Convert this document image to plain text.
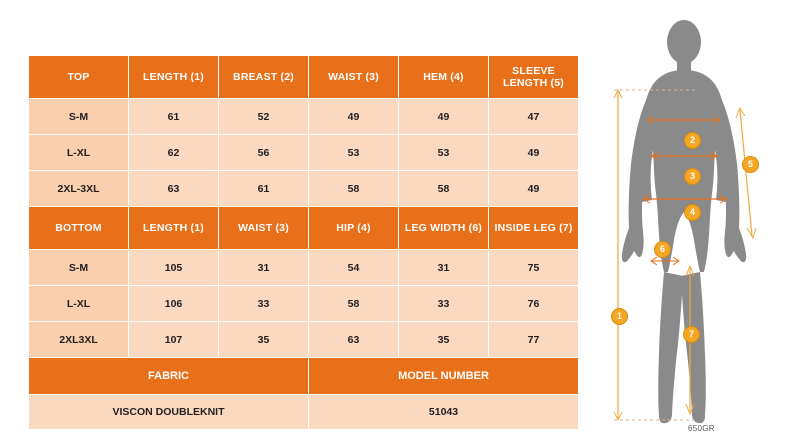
TOP	LENGTH (1)	BREAST (2)	WAIST (3)	HEM (4)	SLEEVE LENGTH (5)
S-M	61	52	49	49	47
L-XL	62	56	53	53	49
2XL-3XL	63	61	58	58	49
BOTTOM	LENGTH (1)	WAIST (3)	HIP (4)	LEG WIDTH (6)	INSIDE LEG (7)
S-M	105	31	54	31	75
L-XL	106	33	58	33	76
2XL3XL	107	35	63	35	77
FABRIC			MODEL NUMBER		
VISCON DOUBLEKNIT			51043		
1
2
3
4
5
6
7
650GR
